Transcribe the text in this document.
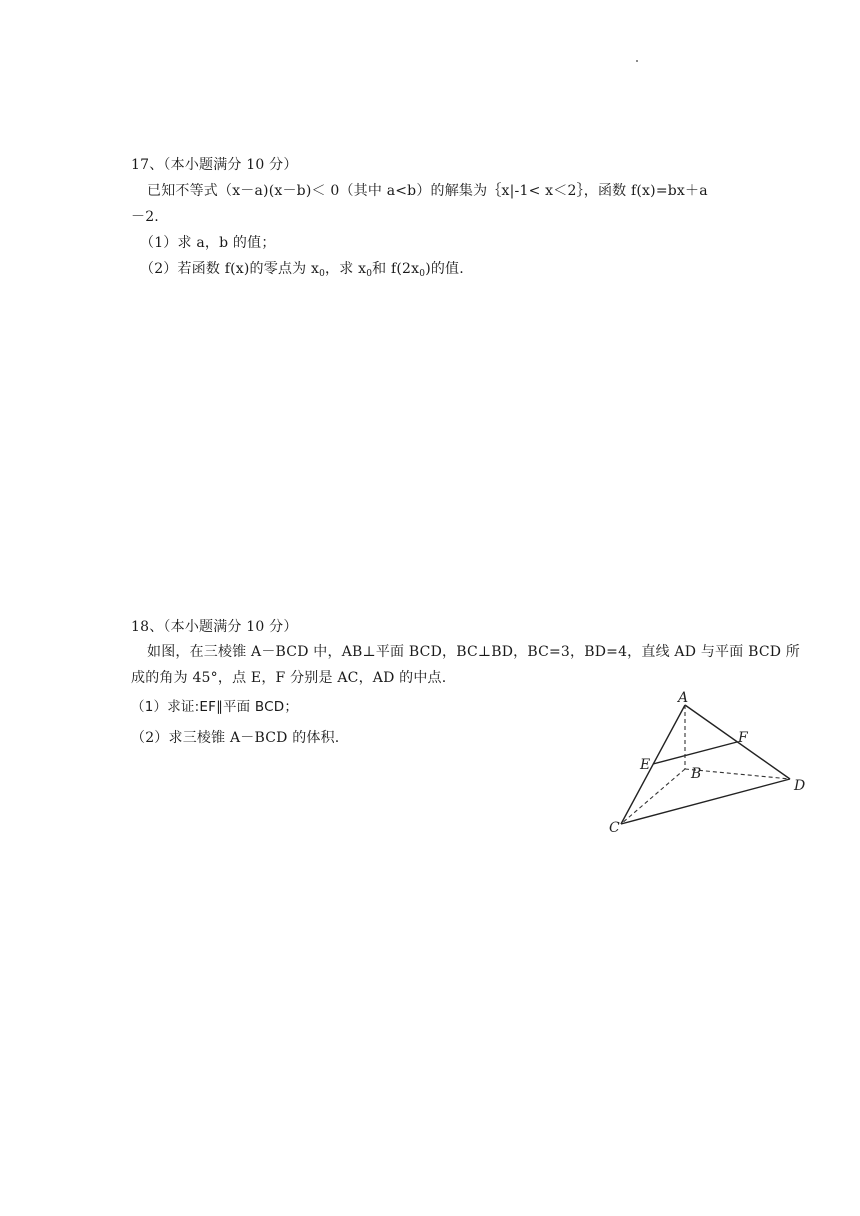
17、（本小题满分 10 分）
已知不等式（x－a)(x－b)＜ 0（其中 a<b）的解集为｛x|-1< x＜2｝，函数 f(x)=bx＋a
－2.
（1）求 a，b 的值；
（2）若函数 f(x)的零点为 $x_0$，求 $x_0$和 $f(2x_0)$的值.
18、（本小题满分 10 分）
如图，在三棱锥 A－BCD 中，AB⊥平面 BCD，BC⊥BD，BC=3，BD=4，直线 AD 与平面 BCD 所
成的角为 45°，点 E，F 分别是 AC，AD 的中点.
（1）求证:EF∥平面 BCD；
（2）求三棱锥 A－BCD 的体积.
A
B
C
D
E
F
